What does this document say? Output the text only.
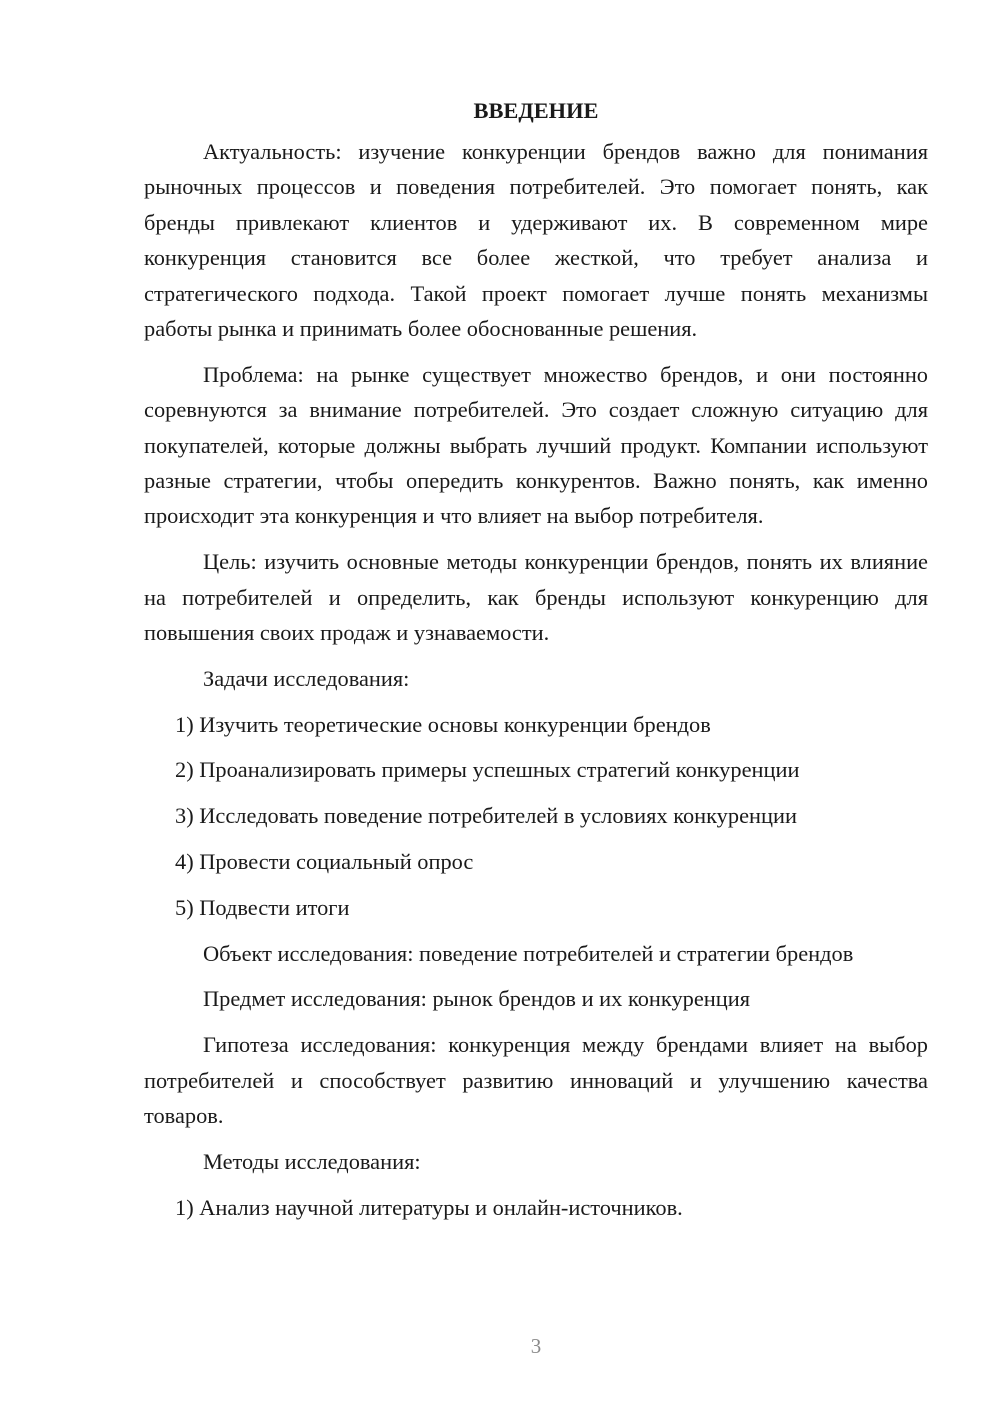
ВВЕДЕНИЕ
Актуальность: изучение конкуренции брендов важно для понимания рыночных процессов и поведения потребителей. Это помогает понять, как бренды привлекают клиентов и удерживают их. В современном мире конкуренция становится все более жесткой, что требует анализа и стратегического подхода. Такой проект помогает лучше понять механизмы работы рынка и принимать более обоснованные решения.
Проблема: на рынке существует множество брендов, и они постоянно соревнуются за внимание потребителей. Это создает сложную ситуацию для покупателей, которые должны выбрать лучший продукт. Компании используют разные стратегии, чтобы опередить конкурентов. Важно понять, как именно происходит эта конкуренция и что влияет на выбор потребителя.
Цель: изучить основные методы конкуренции брендов, понять их влияние на потребителей и определить, как бренды используют конкуренцию для повышения своих продаж и узнаваемости.
Задачи исследования:
1) Изучить теоретические основы конкуренции брендов
2) Проанализировать примеры успешных стратегий конкуренции
3) Исследовать поведение потребителей в условиях конкуренции
4) Провести социальный опрос
5) Подвести итоги
Объект исследования: поведение потребителей и стратегии брендов
Предмет исследования: рынок брендов и их конкуренция
Гипотеза исследования: конкуренция между брендами влияет на выбор потребителей и способствует развитию инноваций и улучшению качества товаров.
Методы исследования:
1) Анализ научной литературы и онлайн-источников.
3
